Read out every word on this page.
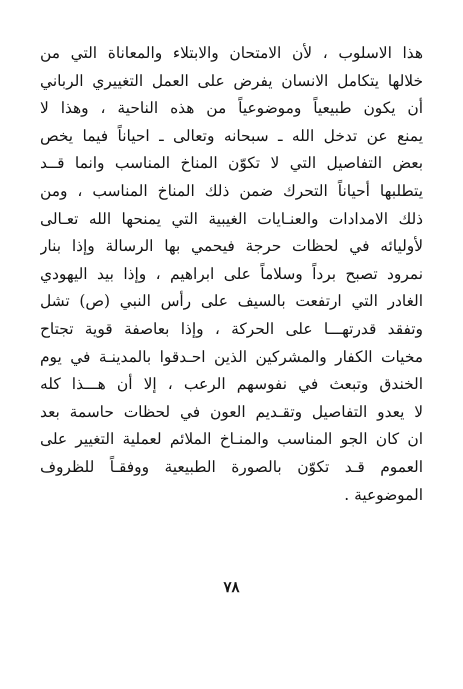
هذا الاسلوب ، لأن الامتحان والابتلاء والمعاناة التي من
خلالها يتكامل الانسان يفرض على العمل التغييري الرباني
أن يكون طبيعياً وموضوعياً من هذه الناحية ، وهذا لا
يمنع عن تدخل الله ـ سبحانه وتعالى ـ احياناً فيما يخص
بعض التفاصيل التي لا تكوّن المناخ المناسب وانما قــد
يتطلبها أحياناً التحرك ضمن ذلك المناخ المناسب ، ومن
ذلك الامدادات والعنـايات الغيبية التي يمنحها الله تعـالى
لأوليائه في لحظات حرجة فيحمي بها الرسالة وإذا بنار
نمرود تصبح برداً وسلاماً على ابراهيم ، وإذا بيد اليهودي
الغادر التي ارتفعت بالسيف على رأس النبي (ص) تشل
وتفقد قدرتهـــا على الحركة ، وإذا بعاصفة قوية تجتاح
مخيات الكفار والمشركين الذين احـدقوا بالمدينـة في يوم
الخندق وتبعث في نفوسهم الرعب ، إلا أن هـــذا كله
لا يعدو التفاصيل وتقـديم العون في لحظات حاسمة بعد
ان كان الجو المناسب والمنـاخ الملائم لعملية التغيير على
العموم قـد تكوّن بالصورة الطبيعية ووفقـاً للظروف
الموضوعية .
٧٨
